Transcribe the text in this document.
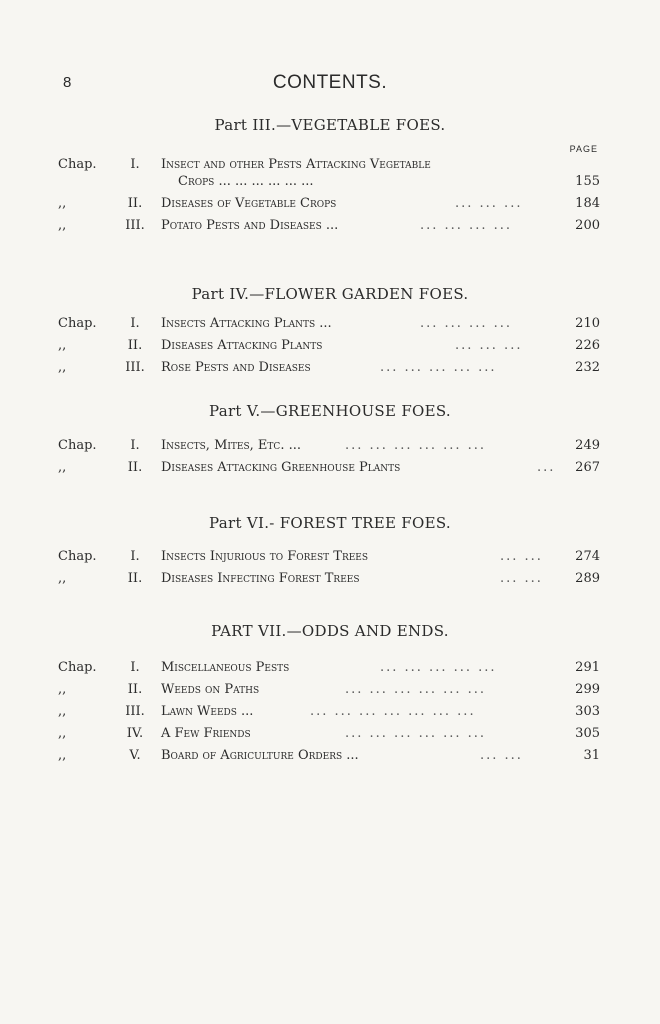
8	CONTENTS.
Part III.—VEGETABLE FOES.
PAGE
Chap.	I.	Insect and other Pests Attacking Vegetable
Crops ... ... ... ... ... ...	155
,,	II.	Diseases of Vegetable Crops	... ... ...	184
,,	III.	Potato Pests and Diseases ...	... ... ... ...	200
Part IV.—FLOWER GARDEN FOES.
Chap.	I.	Insects Attacking Plants ...	... ... ... ...	210
,,	II.	Diseases Attacking Plants	... ... ...	226
,,	III.	Rose Pests and Diseases	... ... ... ... ...	232
Part V.—GREENHOUSE FOES.
Chap.	I.	Insects, Mites, Etc. ...	... ... ... ... ... ...	249
,,	II.	Diseases Attacking Greenhouse Plants	... 267
Part VI.- FOREST TREE FOES.
Chap.	I.	Insects Injurious to Forest Trees	... ... 274
,,	II.	Diseases Infecting Forest Trees	... ... 289
PART VII.—ODDS AND ENDS.
Chap.	I.	Miscellaneous Pests	... ... ... ... ...	291
,,	II.	Weeds on Paths	... ... ... ... ... ...	299
,,	III.	Lawn Weeds ...	... ... ... ... ... ... ...	303
,,	IV.	A Few Friends	... ... ... ... ... ...	305
,,	V.	Board of Agriculture Orders ...	... ...	31
